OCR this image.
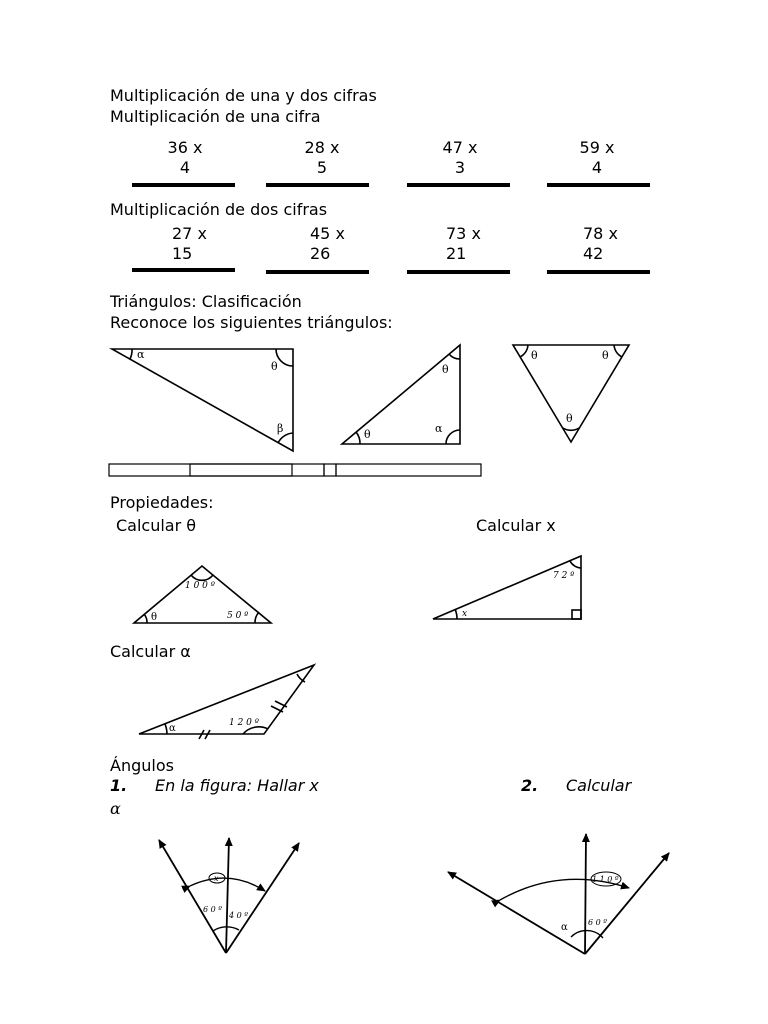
Multiplicación de una y dos cifras
Multiplicación de una cifra
36 x
4
28 x
5
47 x
3
59 x
4
Multiplicación de dos cifras
27 x
15
45 x
26
73 x
21
78 x
42
Triángulos: Clasificación
Reconoce los siguientes triángulos:
Propiedades:
Calcular θ	Calcular x
Calcular α
Ángulos
1. En la figura: Hallar x	2. Calcular
α
α
θ
β	θ
θ
α
θ	θ
θ
1 0 0 º
5 0 º
θ
7 2 º
x
α	1 2 0 º
x
6 0 º
4 0 º
1 1 0 º
α	6 0 º
